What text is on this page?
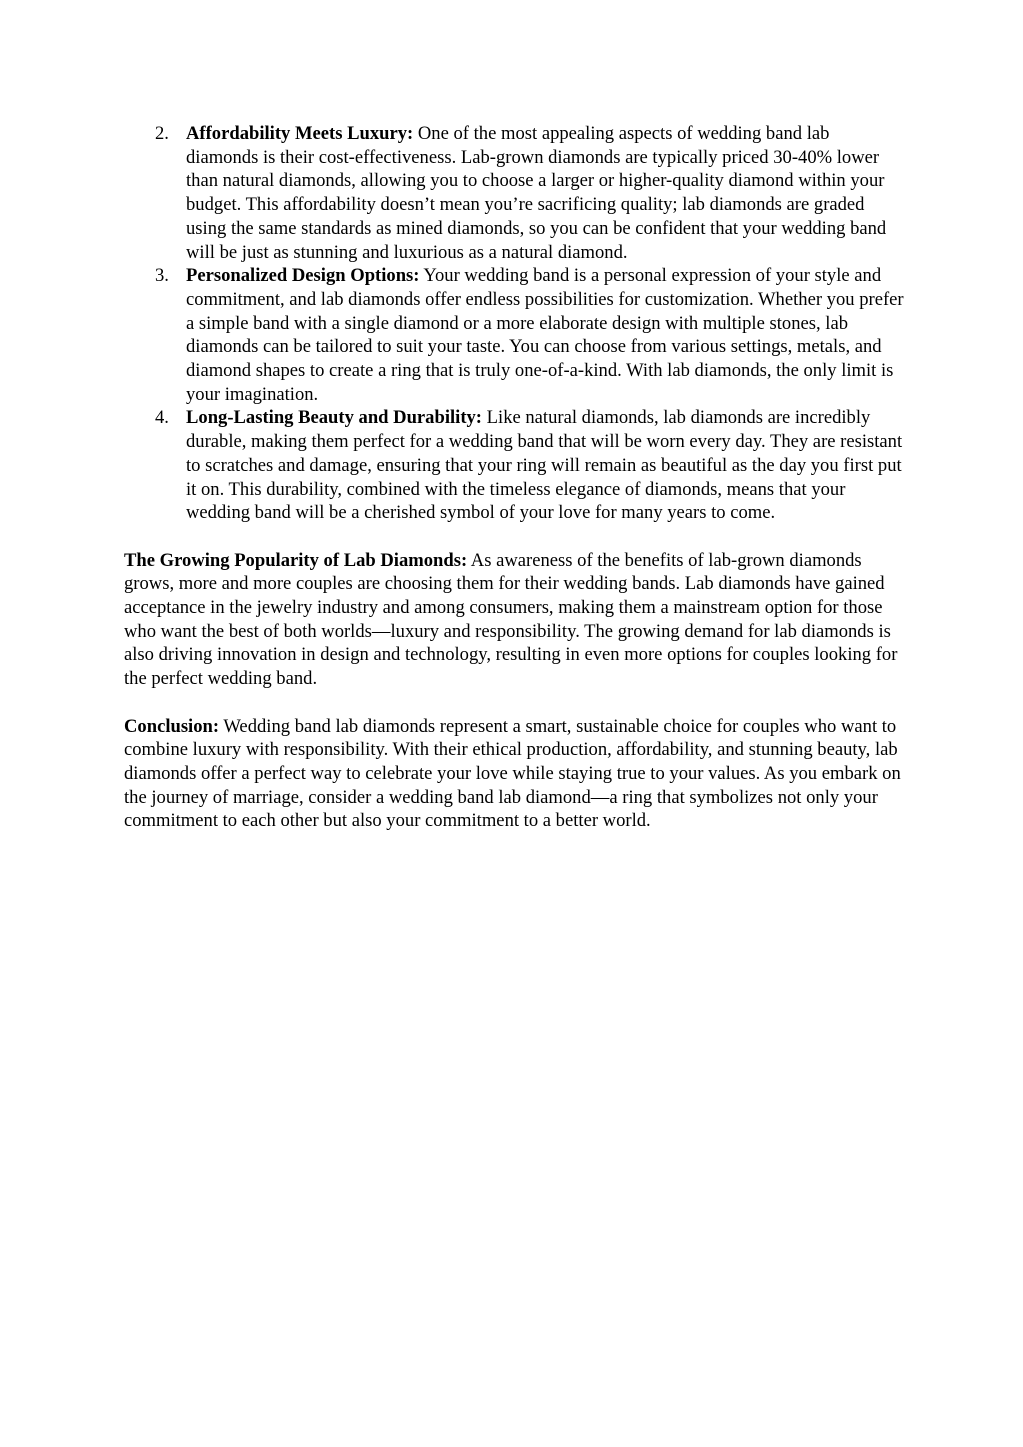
2. Affordability Meets Luxury: One of the most appealing aspects of wedding band lab diamonds is their cost-effectiveness. Lab-grown diamonds are typically priced 30-40% lower than natural diamonds, allowing you to choose a larger or higher-quality diamond within your budget. This affordability doesn’t mean you’re sacrificing quality; lab diamonds are graded using the same standards as mined diamonds, so you can be confident that your wedding band will be just as stunning and luxurious as a natural diamond.
3. Personalized Design Options: Your wedding band is a personal expression of your style and commitment, and lab diamonds offer endless possibilities for customization. Whether you prefer a simple band with a single diamond or a more elaborate design with multiple stones, lab diamonds can be tailored to suit your taste. You can choose from various settings, metals, and diamond shapes to create a ring that is truly one-of-a-kind. With lab diamonds, the only limit is your imagination.
4. Long-Lasting Beauty and Durability: Like natural diamonds, lab diamonds are incredibly durable, making them perfect for a wedding band that will be worn every day. They are resistant to scratches and damage, ensuring that your ring will remain as beautiful as the day you first put it on. This durability, combined with the timeless elegance of diamonds, means that your wedding band will be a cherished symbol of your love for many years to come.

The Growing Popularity of Lab Diamonds: As awareness of the benefits of lab-grown diamonds grows, more and more couples are choosing them for their wedding bands. Lab diamonds have gained acceptance in the jewelry industry and among consumers, making them a mainstream option for those who want the best of both worlds—luxury and responsibility. The growing demand for lab diamonds is also driving innovation in design and technology, resulting in even more options for couples looking for the perfect wedding band.

Conclusion: Wedding band lab diamonds represent a smart, sustainable choice for couples who want to combine luxury with responsibility. With their ethical production, affordability, and stunning beauty, lab diamonds offer a perfect way to celebrate your love while staying true to your values. As you embark on the journey of marriage, consider a wedding band lab diamond—a ring that symbolizes not only your commitment to each other but also your commitment to a better world.
